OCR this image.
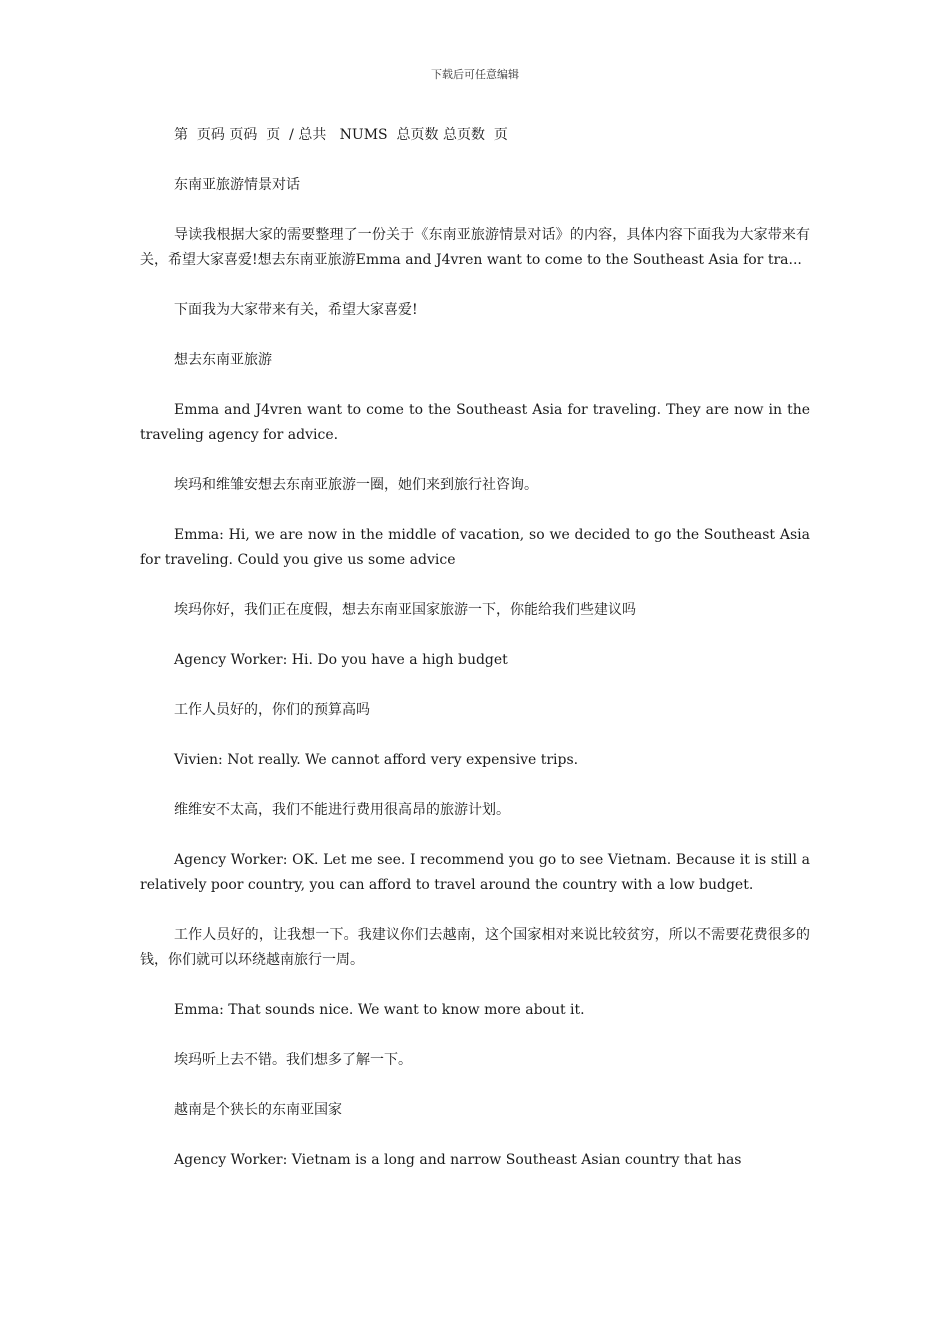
下载后可任意编辑

第  页码 页码  页  / 总共   NUMS  总页数 总页数  页

东南亚旅游情景对话

导读我根据大家的需要整理了一份关于《东南亚旅游情景对话》的内容，具体内容下面我为大家带来有关，希望大家喜爱!想去东南亚旅游Emma and J4vren want to come to the Southeast Asia for tra...

下面我为大家带来有关，希望大家喜爱!

想去东南亚旅游

Emma and J4vren want to come to the Southeast Asia for traveling. They are now in the traveling agency for advice.

埃玛和维雏安想去东南亚旅游一圈，她们来到旅行社咨询。

Emma: Hi, we are now in the middle of vacation, so we decided to go the Southeast Asia for traveling. Could you give us some advice

埃玛你好，我们正在度假，想去东南亚国家旅游一下，你能给我们些建议吗

Agency Worker: Hi. Do you have a high budget

工作人员好的，你们的预算高吗

Vivien: Not really. We cannot afford very expensive trips.

维维安不太高，我们不能进行费用很高昂的旅游计划。

Agency Worker: OK. Let me see. I recommend you go to see Vietnam. Because it is still a relatively poor country, you can afford to travel around the country with a low budget.

工作人员好的，让我想一下。我建议你们去越南，这个国家相对来说比较贫穷，所以不需要花费很多的钱，你们就可以环绕越南旅行一周。

Emma: That sounds nice. We want to know more about it.

埃玛听上去不错。我们想多了解一下。

越南是个狭长的东南亚国家

Agency Worker: Vietnam is a long and narrow Southeast Asian country that has
